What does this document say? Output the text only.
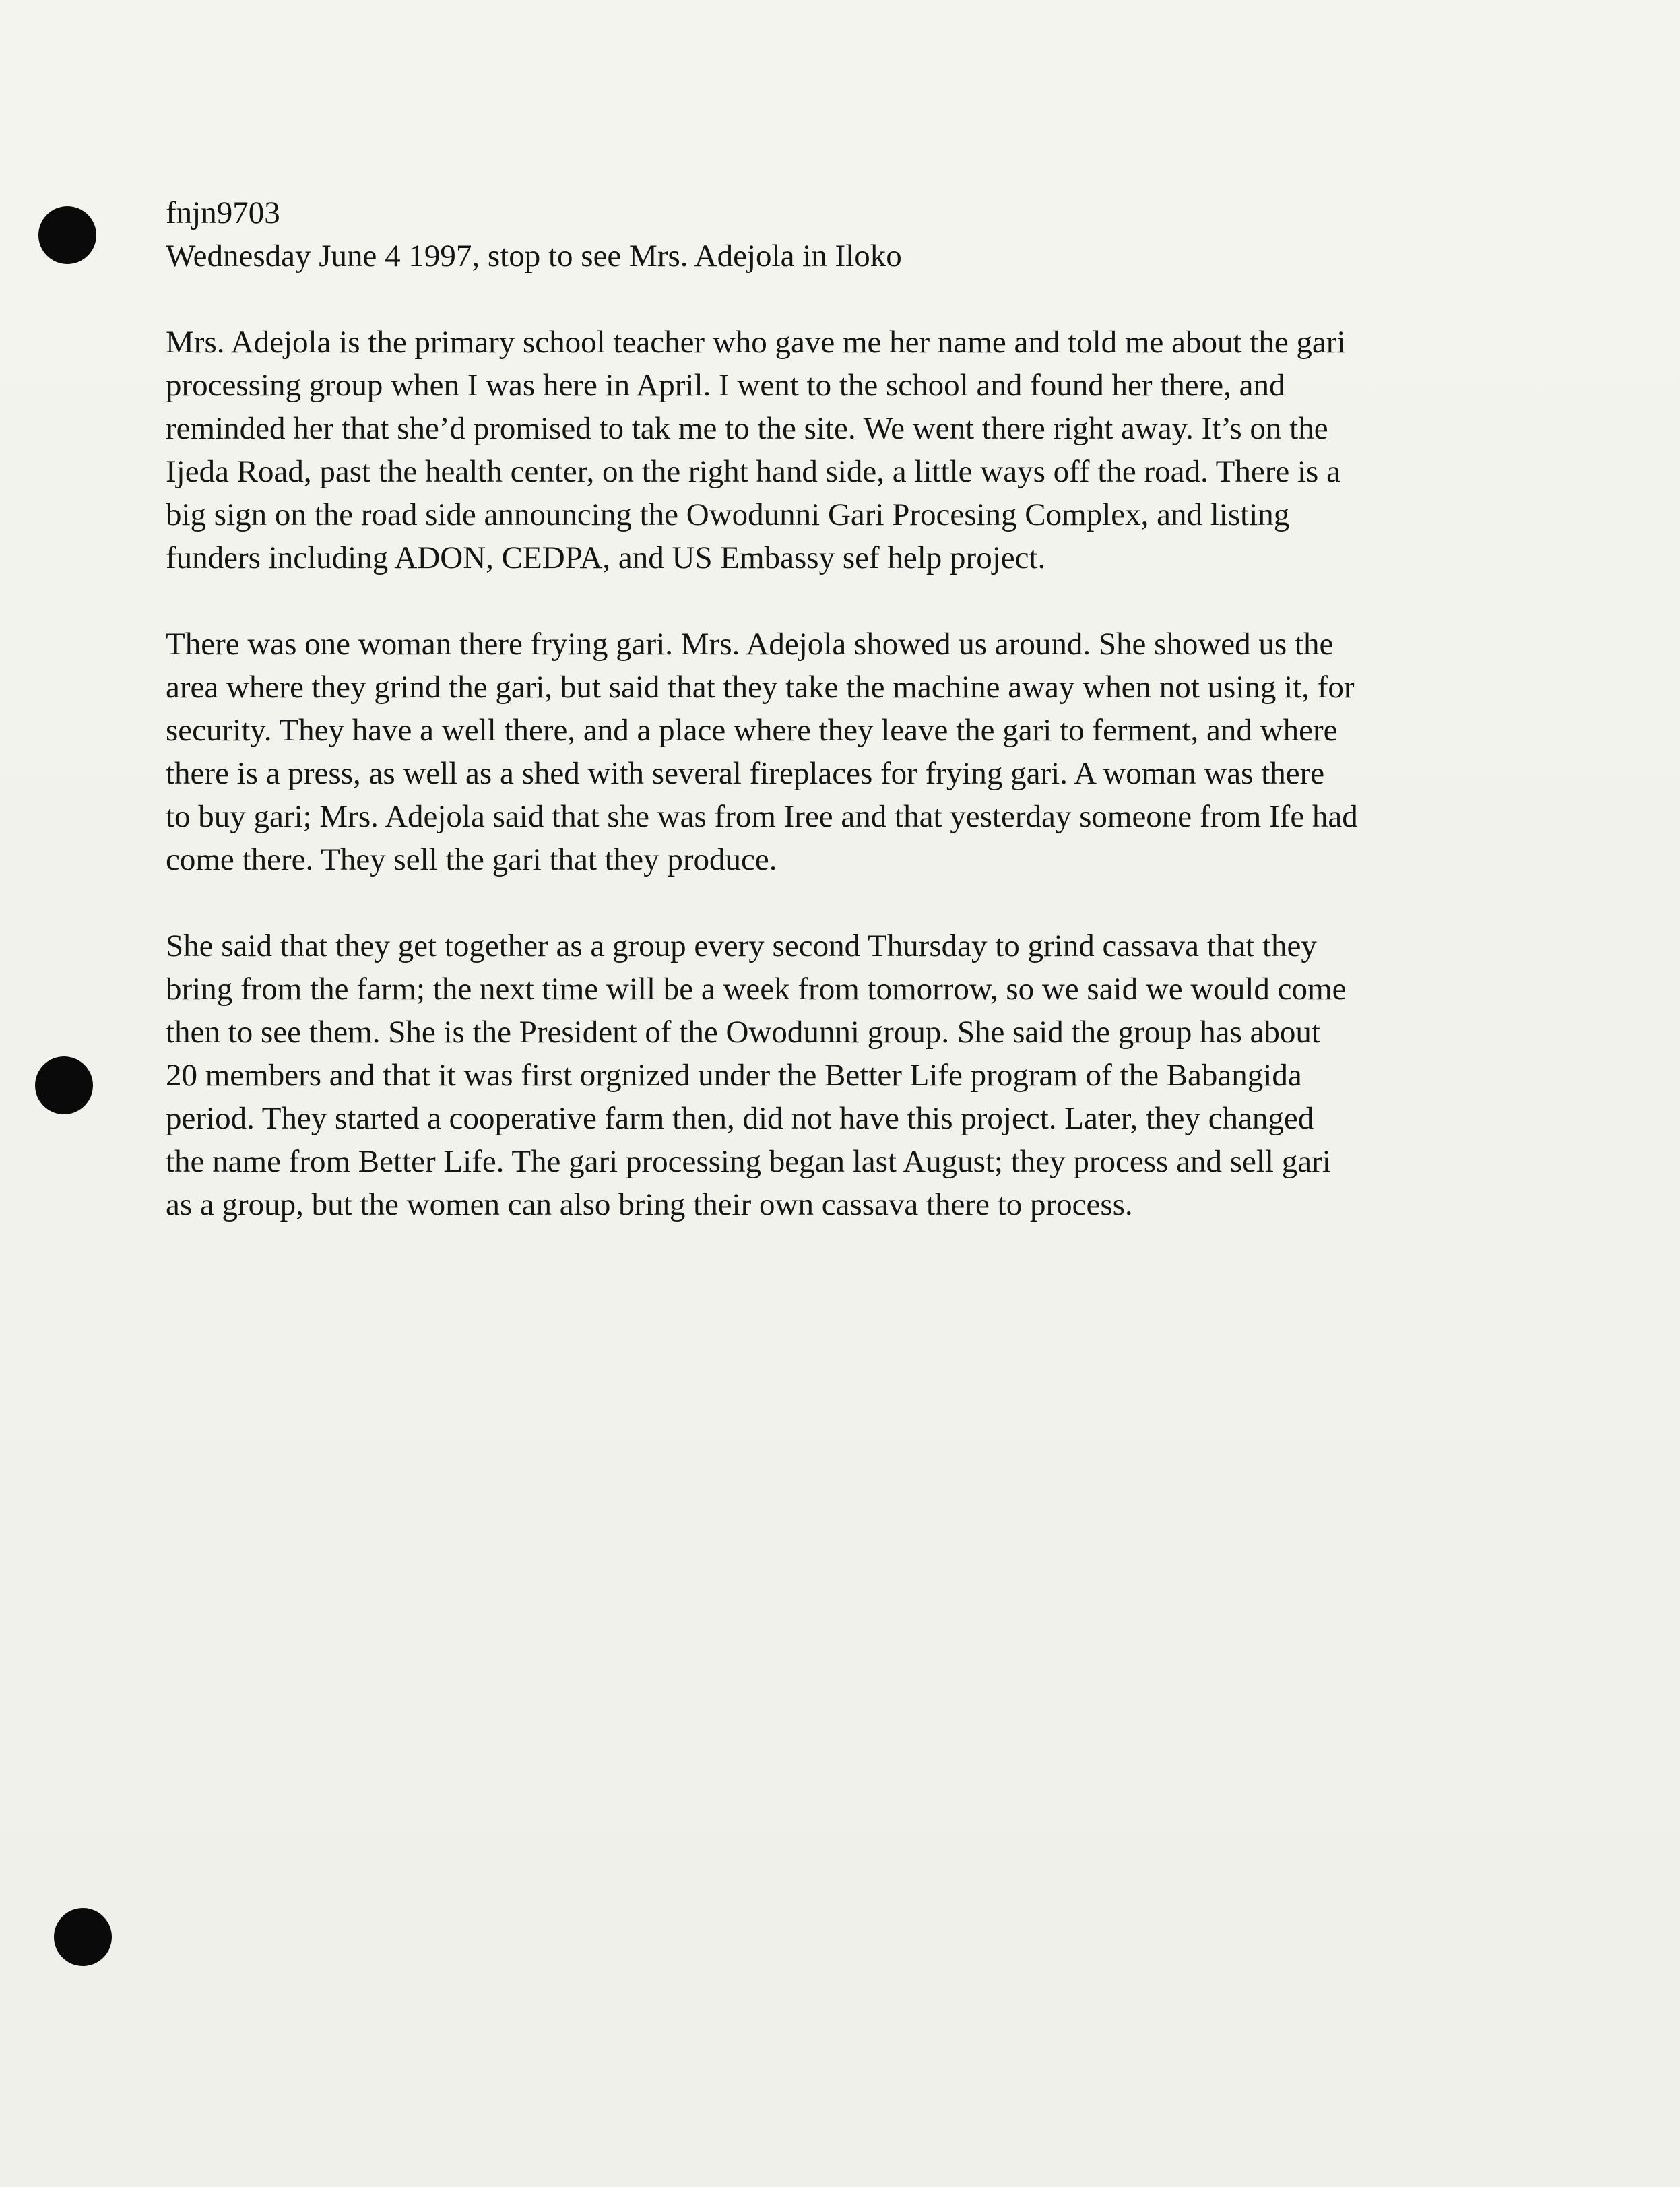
fnjn9703

Wednesday June 4 1997, stop to see Mrs. Adejola in Iloko

Mrs. Adejola is the primary school teacher who gave me her name and told me about the gari
processing group when I was here in April. I went to the school and found her there, and
reminded her that she’d promised to tak me to the site. We went there right away. It’s on the
Ijeda Road, past the health center, on the right hand side, a little ways off the road. There is a
big sign on the road side announcing the Owodunni Gari Procesing Complex, and listing
funders including ADON, CEDPA, and US Embassy sef help project.

There was one woman there frying gari. Mrs. Adejola showed us around. She showed us the
area where they grind the gari, but said that they take the machine away when not using it, for
security. They have a well there, and a place where they leave the gari to ferment, and where
there is a press, as well as a shed with several fireplaces for frying gari. A woman was there
to buy gari; Mrs. Adejola said that she was from Iree and that yesterday someone from Ife had
come there. They sell the gari that they produce.

She said that they get together as a group every second Thursday to grind cassava that they
bring from the farm; the next time will be a week from tomorrow, so we said we would come
then to see them. She is the President of the Owodunni group. She said the group has about
20 members and that it was first orgnized under the Better Life program of the Babangida
period. They started a cooperative farm then, did not have this project. Later, they changed
the name from Better Life. The gari processing began last August; they process and sell gari
as a group, but the women can also bring their own cassava there to process.
